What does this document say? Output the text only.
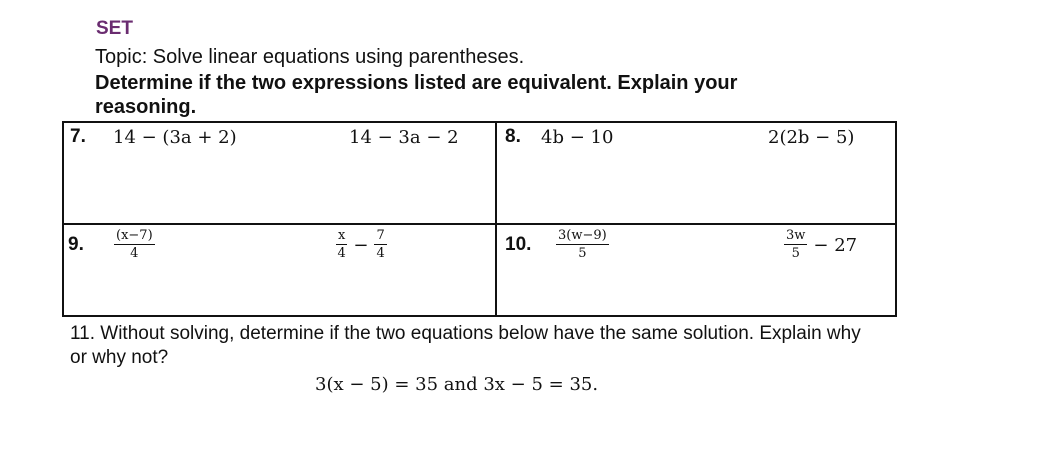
SET
Topic: Solve linear equations using parentheses.
Determine if the two expressions listed are equivalent. Explain your reasoning.
7. 14 − (3a + 2)	14 − 3a − 2 8. 4b − 10	2(2b − 5)
9. $\frac{(x-7)}{4}$	$\frac{x}{4} - \frac{7}{4}$	10. $\frac{3(w-9)}{5}$	$\frac{3w}{5} - 27$
11. Without solving, determine if the two equations below have the same solution. Explain why or why not?
3(x − 5) = 35 and 3x − 5 = 35.
